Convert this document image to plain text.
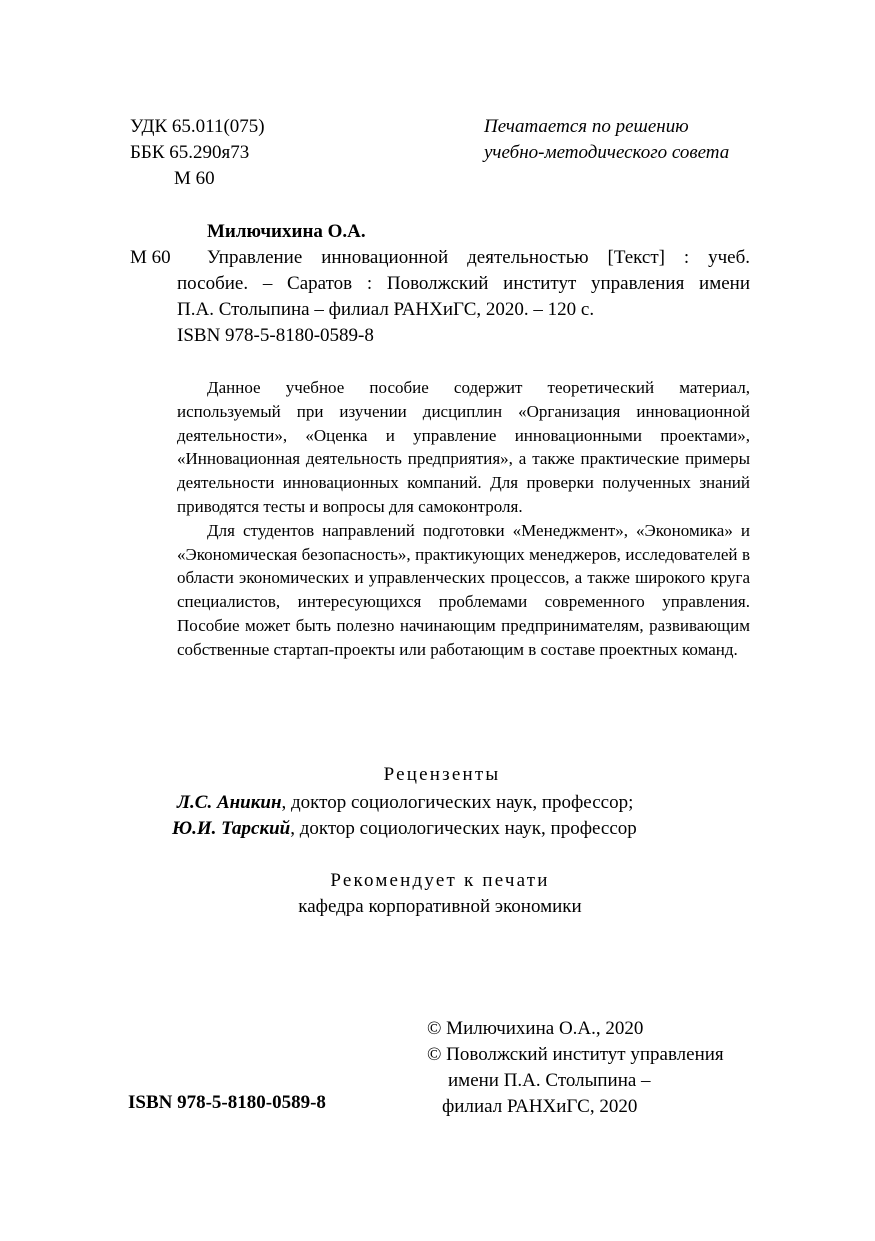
УДК 65.011(075)

ББК 65.290я73

М 60

Печатается по решению

учебно-методического совета

Милючихина О.А.

М 60 Управление инновационной деятельностью [Текст] : учеб.

пособие. – Саратов : Поволжский институт управления имени

П.А. Столыпина – филиал РАНХиГС, 2020. – 120 с.

ISBN 978-5-8180-0589-8

Данное учебное пособие содержит теоретический материал, используемый при изучении дисциплин «Организация инновационной деятельности», «Оценка и управление инновационными проектами», «Инновационная деятельность предприятия», а также практические примеры деятельности инновационных компаний. Для проверки полученных знаний приводятся тесты и вопросы для самоконтроля.

Для студентов направлений подготовки «Менеджмент», «Экономика» и «Экономическая безопасность», практикующих менеджеров, исследователей в области экономических и управленческих процессов, а также широкого круга специалистов, интересующихся проблемами современного управления. Пособие может быть полезно начинающим предпринимателям, развивающим собственные стартап-проекты или работающим в составе проектных команд.

Рецензенты

Л.С. Аникин, доктор социологических наук, профессор;

Ю.И. Тарский, доктор социологических наук, профессор

Рекомендует к печати

кафедра корпоративной экономики

ISBN 978-5-8180-0589-8

© Милючихина О.А., 2020

© Поволжский институт управления

имени П.А. Столыпина –

филиал РАНХиГС, 2020
